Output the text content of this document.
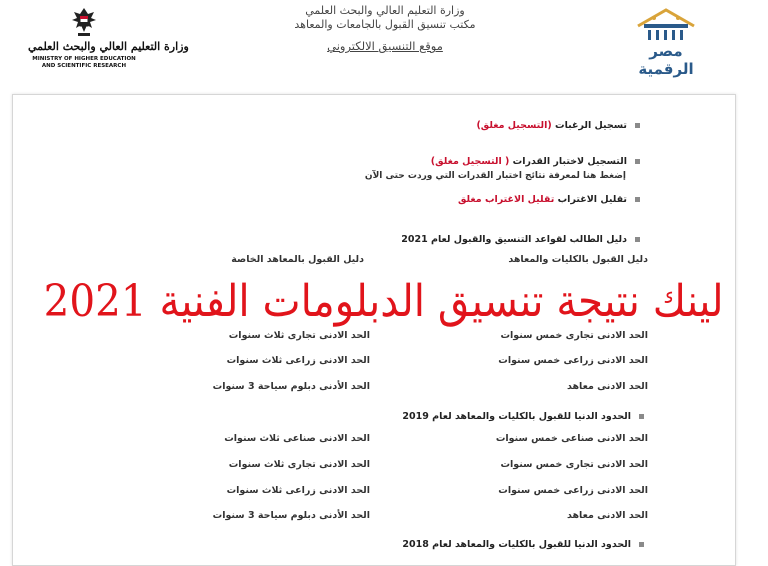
وزارة التعليم العالي والبحث العلمي
MINISTRY OF HIGHER EDUCATION
AND SCIENTIFIC RESEARCH
وزارة التعليم العالي والبحث العلمي
مكتب تنسيق القبول بالجامعات والمعاهد
موقع التنسيق الالكتروني	مصر الرقمية
تسجيل الرغبات (التسجيل مغلق)
التسجيل لاختبار القدرات ( التسجيل مغلق)
إضغط هنا لمعرفة نتائج اختبار القدرات التي وردت حتى الآن
تقليل الاغتراب تقليل الاغتراب مغلق
دليل الطالب لقواعد التنسيق والقبول لعام 2021
دليل القبول بالكليات والمعاهد
دليل القبول بالمعاهد الخاصة
الحد الادنى تجارى خمس سنوات
الحد الادنى تجارى ثلاث سنوات
الحد الادنى زراعى خمس سنوات
الحد الادنى زراعى ثلاث سنوات
الحد الادنى معاهد
الحد الأدنى دبلوم سياحة 3 سنوات
لينك نتيجة تنسيق الدبلومات الفنية 2021
الحدود الدنيا للقبول بالكليات والمعاهد لعام 2019
الحد الادنى صناعى خمس سنوات
الحد الادنى صناعى ثلاث سنوات
الحد الادنى تجارى خمس سنوات
الحد الادنى تجارى ثلاث سنوات
الحد الادنى زراعى خمس سنوات
الحد الادنى زراعى ثلاث سنوات
الحد الادنى معاهد
الحد الأدنى دبلوم سياحة 3 سنوات
الحدود الدنيا للقبول بالكليات والمعاهد لعام 2018
